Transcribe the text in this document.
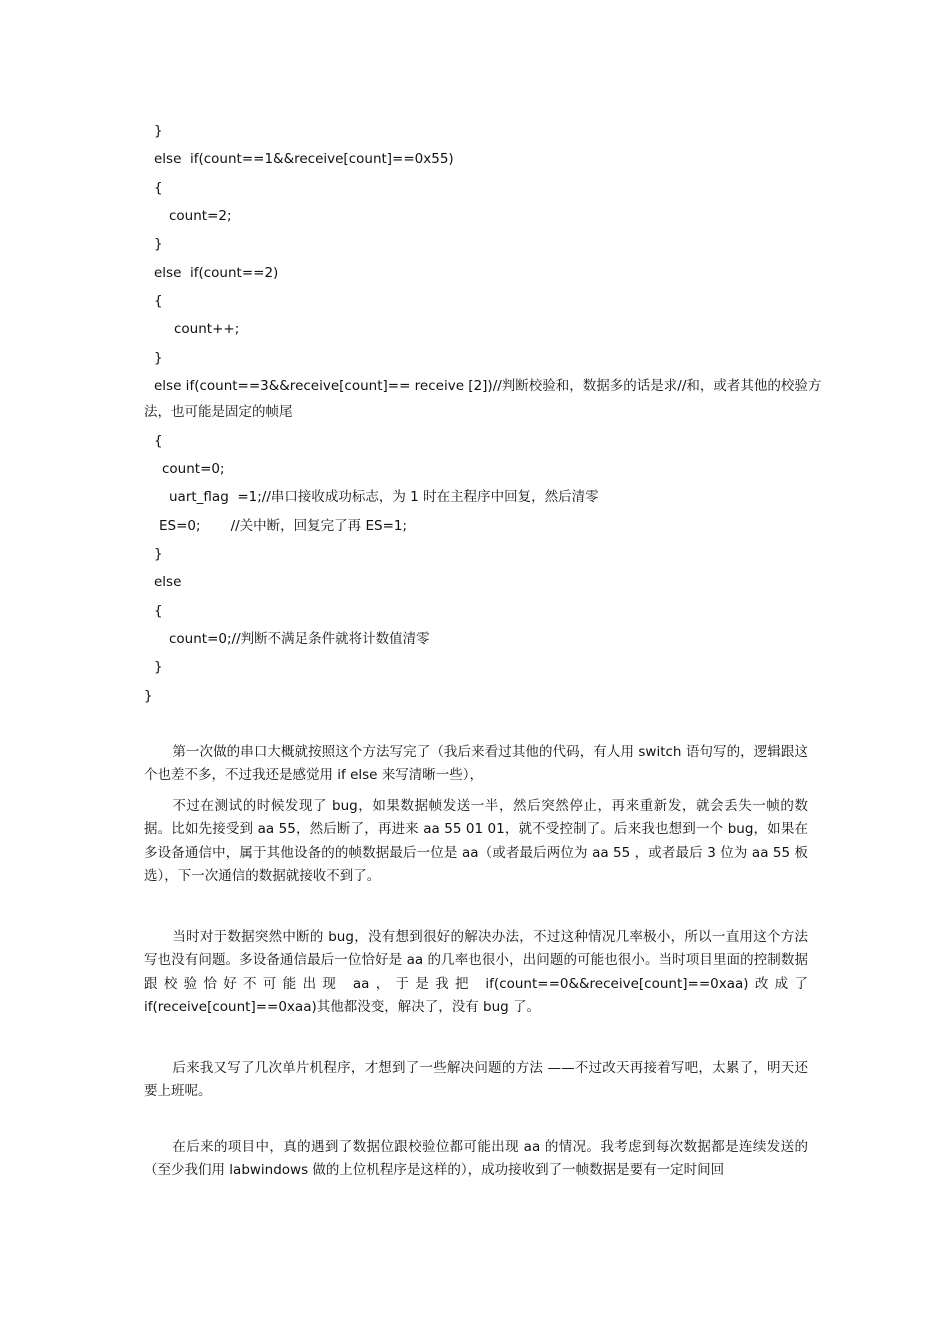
}

else  if(count==1&&receive[count]==0x55)

{

count=2;

}

else  if(count==2)

{

count++;

}

else if(count==3&&receive[count]== receive [2])//判断校验和，数据多的话是求//和，或者其他的校验方

法，也可能是固定的帧尾

{

count=0;

uart_flag  =1;//串口接收成功标志，为 1 时在主程序中回复，然后清零

ES=0;       //关中断，回复完了再 ES=1;

}

else

{

count=0;//判断不满足条件就将计数值清零

}

}

第一次做的串口大概就按照这个方法写完了（我后来看过其他的代码，有人用 switch 语句写的，逻辑跟这个也差不多，不过我还是感觉用 if else 来写清晰一些），

不过在测试的时候发现了 bug，如果数据帧发送一半，然后突然停止，再来重新发，就会丢失一帧的数据。比如先接受到 aa 55，然后断了，再进来 aa 55 01 01，就不受控制了。后来我也想到一个 bug，如果在多设备通信中，属于其他设备的的帧数据最后一位是 aa（或者最后两位为 aa 55 ，或者最后 3 位为 aa 55 板选），下一次通信的数据就接收不到了。

当时对于数据突然中断的 bug，没有想到很好的解决办法，不过这种情况几率极小，所以一直用这个方法写也没有问题。多设备通信最后一位恰好是 aa 的几率也很小，出问题的可能也很小。当时项目里面的控制数据跟校验恰好不可能出现 aa，于是我把 if(count==0&&receive[count]==0xaa)改成了 if(receive[count]==0xaa)其他都没变，解决了，没有 bug 了。

后来我又写了几次单片机程序，才想到了一些解决问题的方法 ——不过改天再接着写吧，太累了，明天还要上班呢。

在后来的项目中，真的遇到了数据位跟校验位都可能出现 aa 的情况。我考虑到每次数据都是连续发送的（至少我们用 labwindows 做的上位机程序是这样的），成功接收到了一帧数据是要有一定时间回
